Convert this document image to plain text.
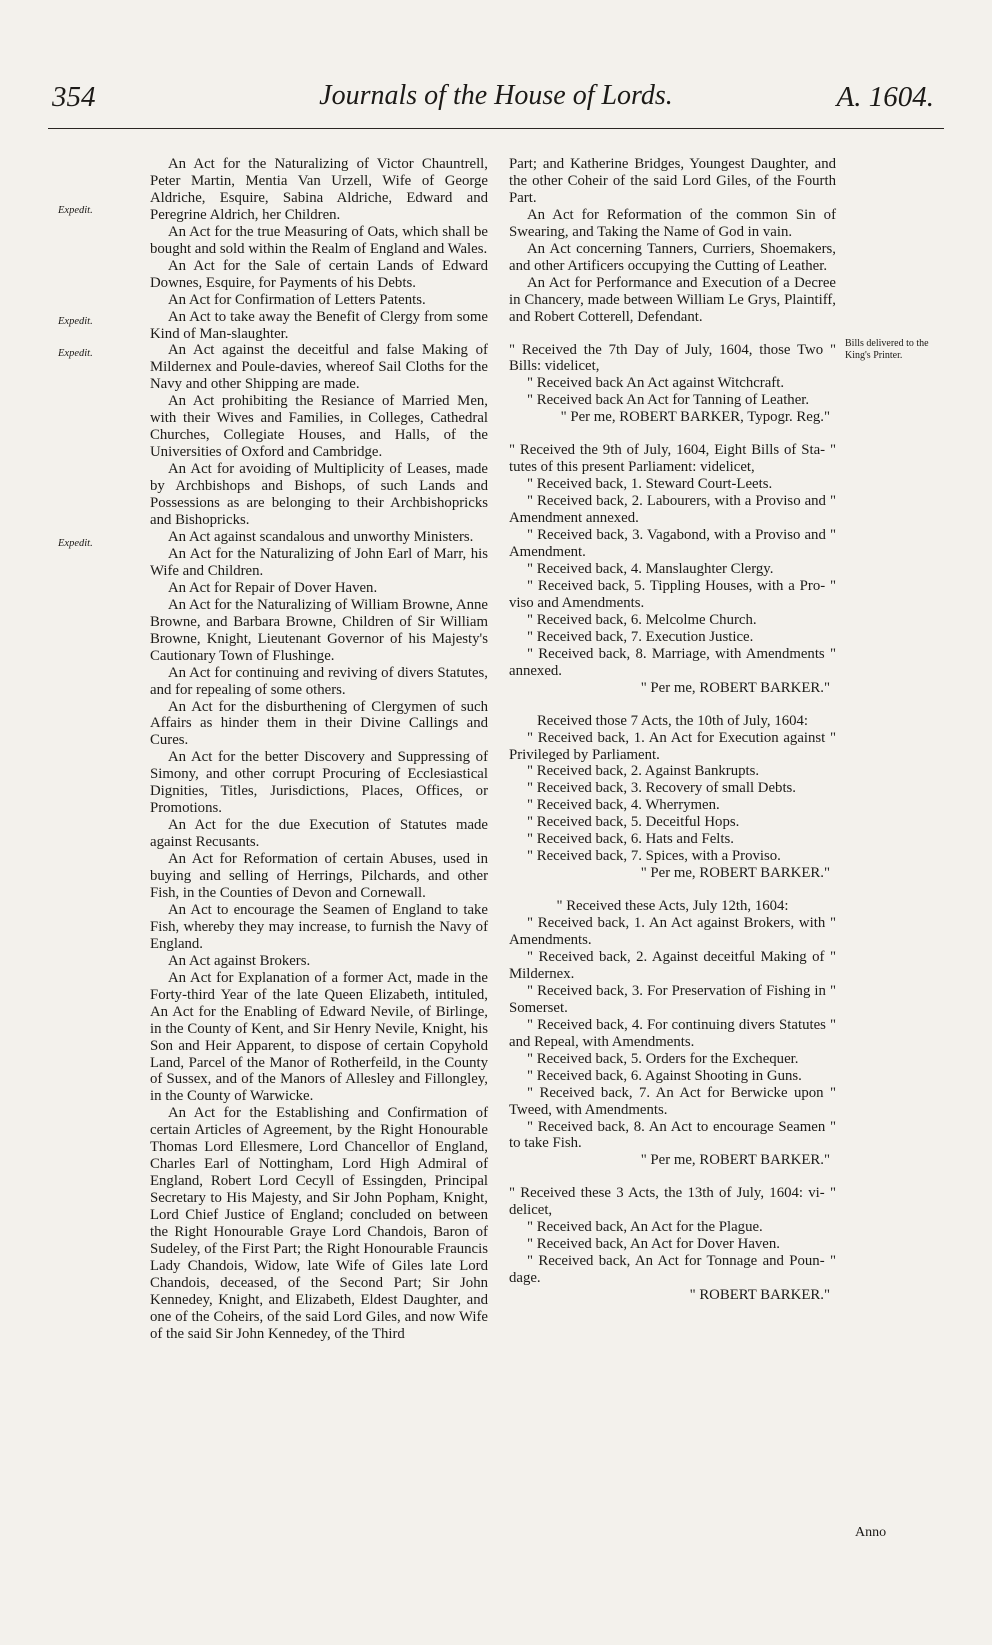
354	Journals of the House of Lords.	A. 1604.
Expedit.
Expedit.
Expedit.
Expedit.
Bills delivered to the King's Printer.

An Act for the Naturalizing of Victor Chauntrell, Peter Martin, Mentia Van Urzell, Wife of George Aldriche, Esquire, Sabina Aldriche, Edward and Peregrine Aldrich, her Children.

An Act for the true Measuring of Oats, which shall be bought and sold within the Realm of England and Wales.

An Act for the Sale of certain Lands of Edward Downes, Esquire, for Payments of his Debts.

An Act for Confirmation of Letters Patents.

An Act to take away the Benefit of Clergy from some Kind of Man-slaughter.

An Act against the deceitful and false Making of Mildernex and Poule-davies, whereof Sail Cloths for the Navy and other Shipping are made.

An Act prohibiting the Resiance of Married Men, with their Wives and Families, in Colleges, Cathedral Churches, Collegiate Houses, and Halls, of the Universities of Oxford and Cambridge.

An Act for avoiding of Multiplicity of Leases, made by Archbishops and Bishops, of such Lands and Possessions as are belonging to their Archbishopricks and Bishopricks.

An Act against scandalous and unworthy Ministers.

An Act for the Naturalizing of John Earl of Marr, his Wife and Children.

An Act for Repair of Dover Haven.

An Act for the Naturalizing of William Browne, Anne Browne, and Barbara Browne, Children of Sir William Browne, Knight, Lieutenant Governor of his Majesty's Cautionary Town of Flushinge.

An Act for continuing and reviving of divers Statutes, and for repealing of some others.

An Act for the disburthening of Clergymen of such Affairs as hinder them in their Divine Callings and Cures.

An Act for the better Discovery and Suppressing of Simony, and other corrupt Procuring of Ecclesiastical Dignities, Titles, Jurisdictions, Places, Offices, or Promotions.

An Act for the due Execution of Statutes made against Recusants.

An Act for Reformation of certain Abuses, used in buying and selling of Herrings, Pilchards, and other Fish, in the Counties of Devon and Cornewall.

An Act to encourage the Seamen of England to take Fish, whereby they may increase, to furnish the Navy of England.

An Act against Brokers.

An Act for Explanation of a former Act, made in the Forty-third Year of the late Queen Elizabeth, intituled, An Act for the Enabling of Edward Nevile, of Birlinge, in the County of Kent, and Sir Henry Nevile, Knight, his Son and Heir Apparent, to dispose of certain Copyhold Land, Parcel of the Manor of Rotherfeild, in the County of Sussex, and of the Manors of Allesley and Fillongley, in the County of Warwicke.

An Act for the Establishing and Confirmation of certain Articles of Agreement, by the Right Honourable Thomas Lord Ellesmere, Lord Chancellor of England, Charles Earl of Nottingham, Lord High Admiral of England, Robert Lord Cecyll of Essingden, Principal Secretary to His Majesty, and Sir John Popham, Knight, Lord Chief Justice of England; concluded on between the Right Honourable Graye Lord Chandois, Baron of Sudeley, of the First Part; the Right Honourable Frauncis Lady Chandois, Widow, late Wife of Giles late Lord Chandois, deceased, of the Second Part; Sir John Kennedey, Knight, and Elizabeth, Eldest Daughter, and one of the Coheirs, of the said Lord Giles, and now Wife of the said Sir John Kennedey, of the Third

Part; and Katherine Bridges, Youngest Daughter, and the other Coheir of the said Lord Giles, of the Fourth Part.

An Act for Reformation of the common Sin of Swearing, and Taking the Name of God in vain.

An Act concerning Tanners, Curriers, Shoemakers, and other Artificers occupying the Cutting of Leather.

An Act for Performance and Execution of a Decree in Chancery, made between William Le Grys, Plaintiff, and Robert Cotterell, Defendant.

" Received the 7th Day of July, 1604, those Two " Bills: videlicet,

" Received back An Act against Witchcraft.

" Received back An Act for Tanning of Leather.

" Per me, ROBERT BARKER, Typogr. Reg."

" Received the 9th of July, 1604, Eight Bills of Sta- " tutes of this present Parliament: videlicet,

" Received back, 1. Steward Court-Leets.

" Received back, 2. Labourers, with a Proviso and " Amendment annexed.

" Received back, 3. Vagabond, with a Proviso and " Amendment.

" Received back, 4. Manslaughter Clergy.

" Received back, 5. Tippling Houses, with a Pro- " viso and Amendments.

" Received back, 6. Melcolme Church.

" Received back, 7. Execution Justice.

" Received back, 8. Marriage, with Amendments " annexed.

" Per me, ROBERT BARKER."

Received those 7 Acts, the 10th of July, 1604:

" Received back, 1. An Act for Execution against " Privileged by Parliament.

" Received back, 2. Against Bankrupts.

" Received back, 3. Recovery of small Debts.

" Received back, 4. Wherrymen.

" Received back, 5. Deceitful Hops.

" Received back, 6. Hats and Felts.

" Received back, 7. Spices, with a Proviso.

" Per me, ROBERT BARKER."

" Received these Acts, July 12th, 1604:

" Received back, 1. An Act against Brokers, with " Amendments.

" Received back, 2. Against deceitful Making of " Mildernex.

" Received back, 3. For Preservation of Fishing in " Somerset.

" Received back, 4. For continuing divers Statutes " and Repeal, with Amendments.

" Received back, 5. Orders for the Exchequer.

" Received back, 6. Against Shooting in Guns.

" Received back, 7. An Act for Berwicke upon " Tweed, with Amendments.

" Received back, 8. An Act to encourage Seamen " to take Fish.

" Per me, ROBERT BARKER."

" Received these 3 Acts, the 13th of July, 1604: vi- " delicet,

" Received back, An Act for the Plague.

" Received back, An Act for Dover Haven.

" Received back, An Act for Tonnage and Poun- " dage.

" ROBERT BARKER."

Anno
